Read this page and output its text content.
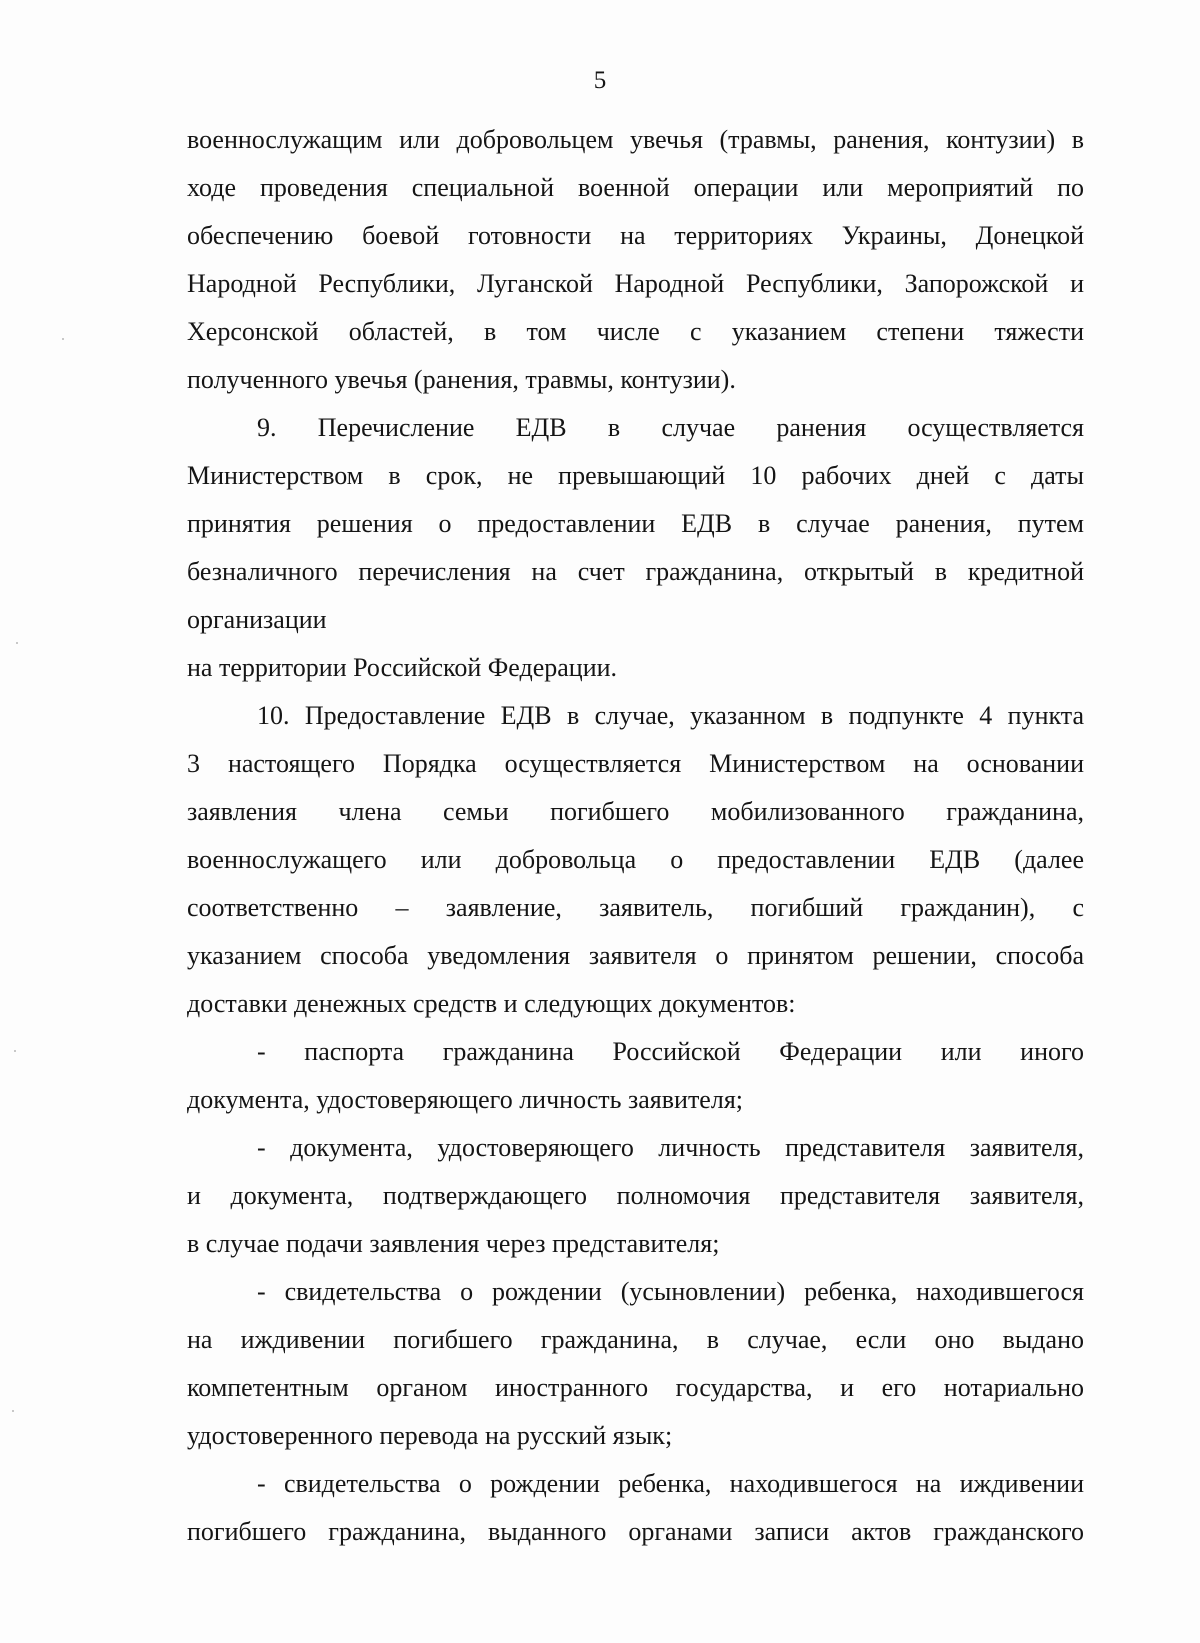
5

военнослужащим или добровольцем увечья (травмы, ранения, контузии) в

ходе проведения специальной военной операции или мероприятий по

обеспечению боевой готовности на территориях Украины, Донецкой

Народной Республики, Луганской Народной Республики, Запорожской и

Херсонской областей, в том числе с указанием степени тяжести

полученного увечья (ранения, травмы, контузии).

9. Перечисление ЕДВ в случае ранения осуществляется

Министерством в срок, не превышающий 10 рабочих дней с даты

принятия решения о предоставлении ЕДВ в случае ранения, путем

безналичного перечисления на счет гражданина, открытый в кредитной

организации

на территории Российской Федерации.

10. Предоставление ЕДВ в случае, указанном в подпункте 4 пункта

3 настоящего Порядка осуществляется Министерством на основании

заявления члена семьи погибшего мобилизованного гражданина,

военнослужащего или добровольца о предоставлении ЕДВ (далее

соответственно – заявление, заявитель, погибший гражданин), с

указанием способа уведомления заявителя о принятом решении, способа

доставки денежных средств и следующих документов:

- паспорта гражданина Российской Федерации или иного

документа, удостоверяющего личность заявителя;

- документа, удостоверяющего личность представителя заявителя,

и документа, подтверждающего полномочия представителя заявителя,

в случае подачи заявления через представителя;

- свидетельства о рождении (усыновлении) ребенка, находившегося

на иждивении погибшего гражданина, в случае, если оно выдано

компетентным органом иностранного государства, и его нотариально

удостоверенного перевода на русский язык;

- свидетельства о рождении ребенка, находившегося на иждивении

погибшего гражданина, выданного органами записи актов гражданского
